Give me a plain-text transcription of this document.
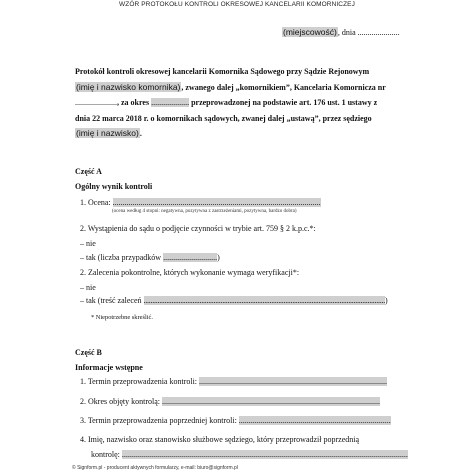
WZÓR PROTOKOŁU KONTROLI OKRESOWEJ KANCELARII KOMORNICZEJ
(miejscowość), dnia .....................
Protokół kontroli okresowej kancelarii Komornika Sądowego przy Sądzie Rejonowym
(imię i nazwisko komornika), zwanego dalej „komornikiem”, Kancelaria Komornicza nr
....................., za okres ................... przeprowadzonej na podstawie art. 176 ust. 1 ustawy z
dnia 22 marca 2018 r. o komornikach sądowych, zwanej dalej „ustawą”, przez sędziego
(imię i nazwisko).
Część A
Ogólny wynik kontroli
1. Ocena: ........................................................................................................
(ocena według 4 stopni: negatywna, pozytywna z zastrzeżeniami, pozytywna, bardzo dobra)
2. Wystąpienia do sądu o podjęcie czynności w trybie art. 759 § 2 k.p.c.*:
– nie
– tak (liczba przypadków ...........................)
2. Zalecenia pokontrolne, których wykonanie wymaga weryfikacji*:
– nie
– tak (treść zaleceń ..........................................................................................................................................)
* Niepotrzebne skreślić.
Część B
Informacje wstępne
1. Termin przeprowadzenia kontroli: ..............................................................................................
2. Okres objęty kontrolą: .............................................................................................................
3. Termin przeprowadzenia poprzedniej kontroli: ............................................................................
4. Imię, nazwisko oraz stanowisko służbowe sędziego, który przeprowadził poprzednią
kontrolę: ...............................................................................................................................................
© Signform.pl - producent aktywnych formularzy, e-mail: biuro@signform.pl
